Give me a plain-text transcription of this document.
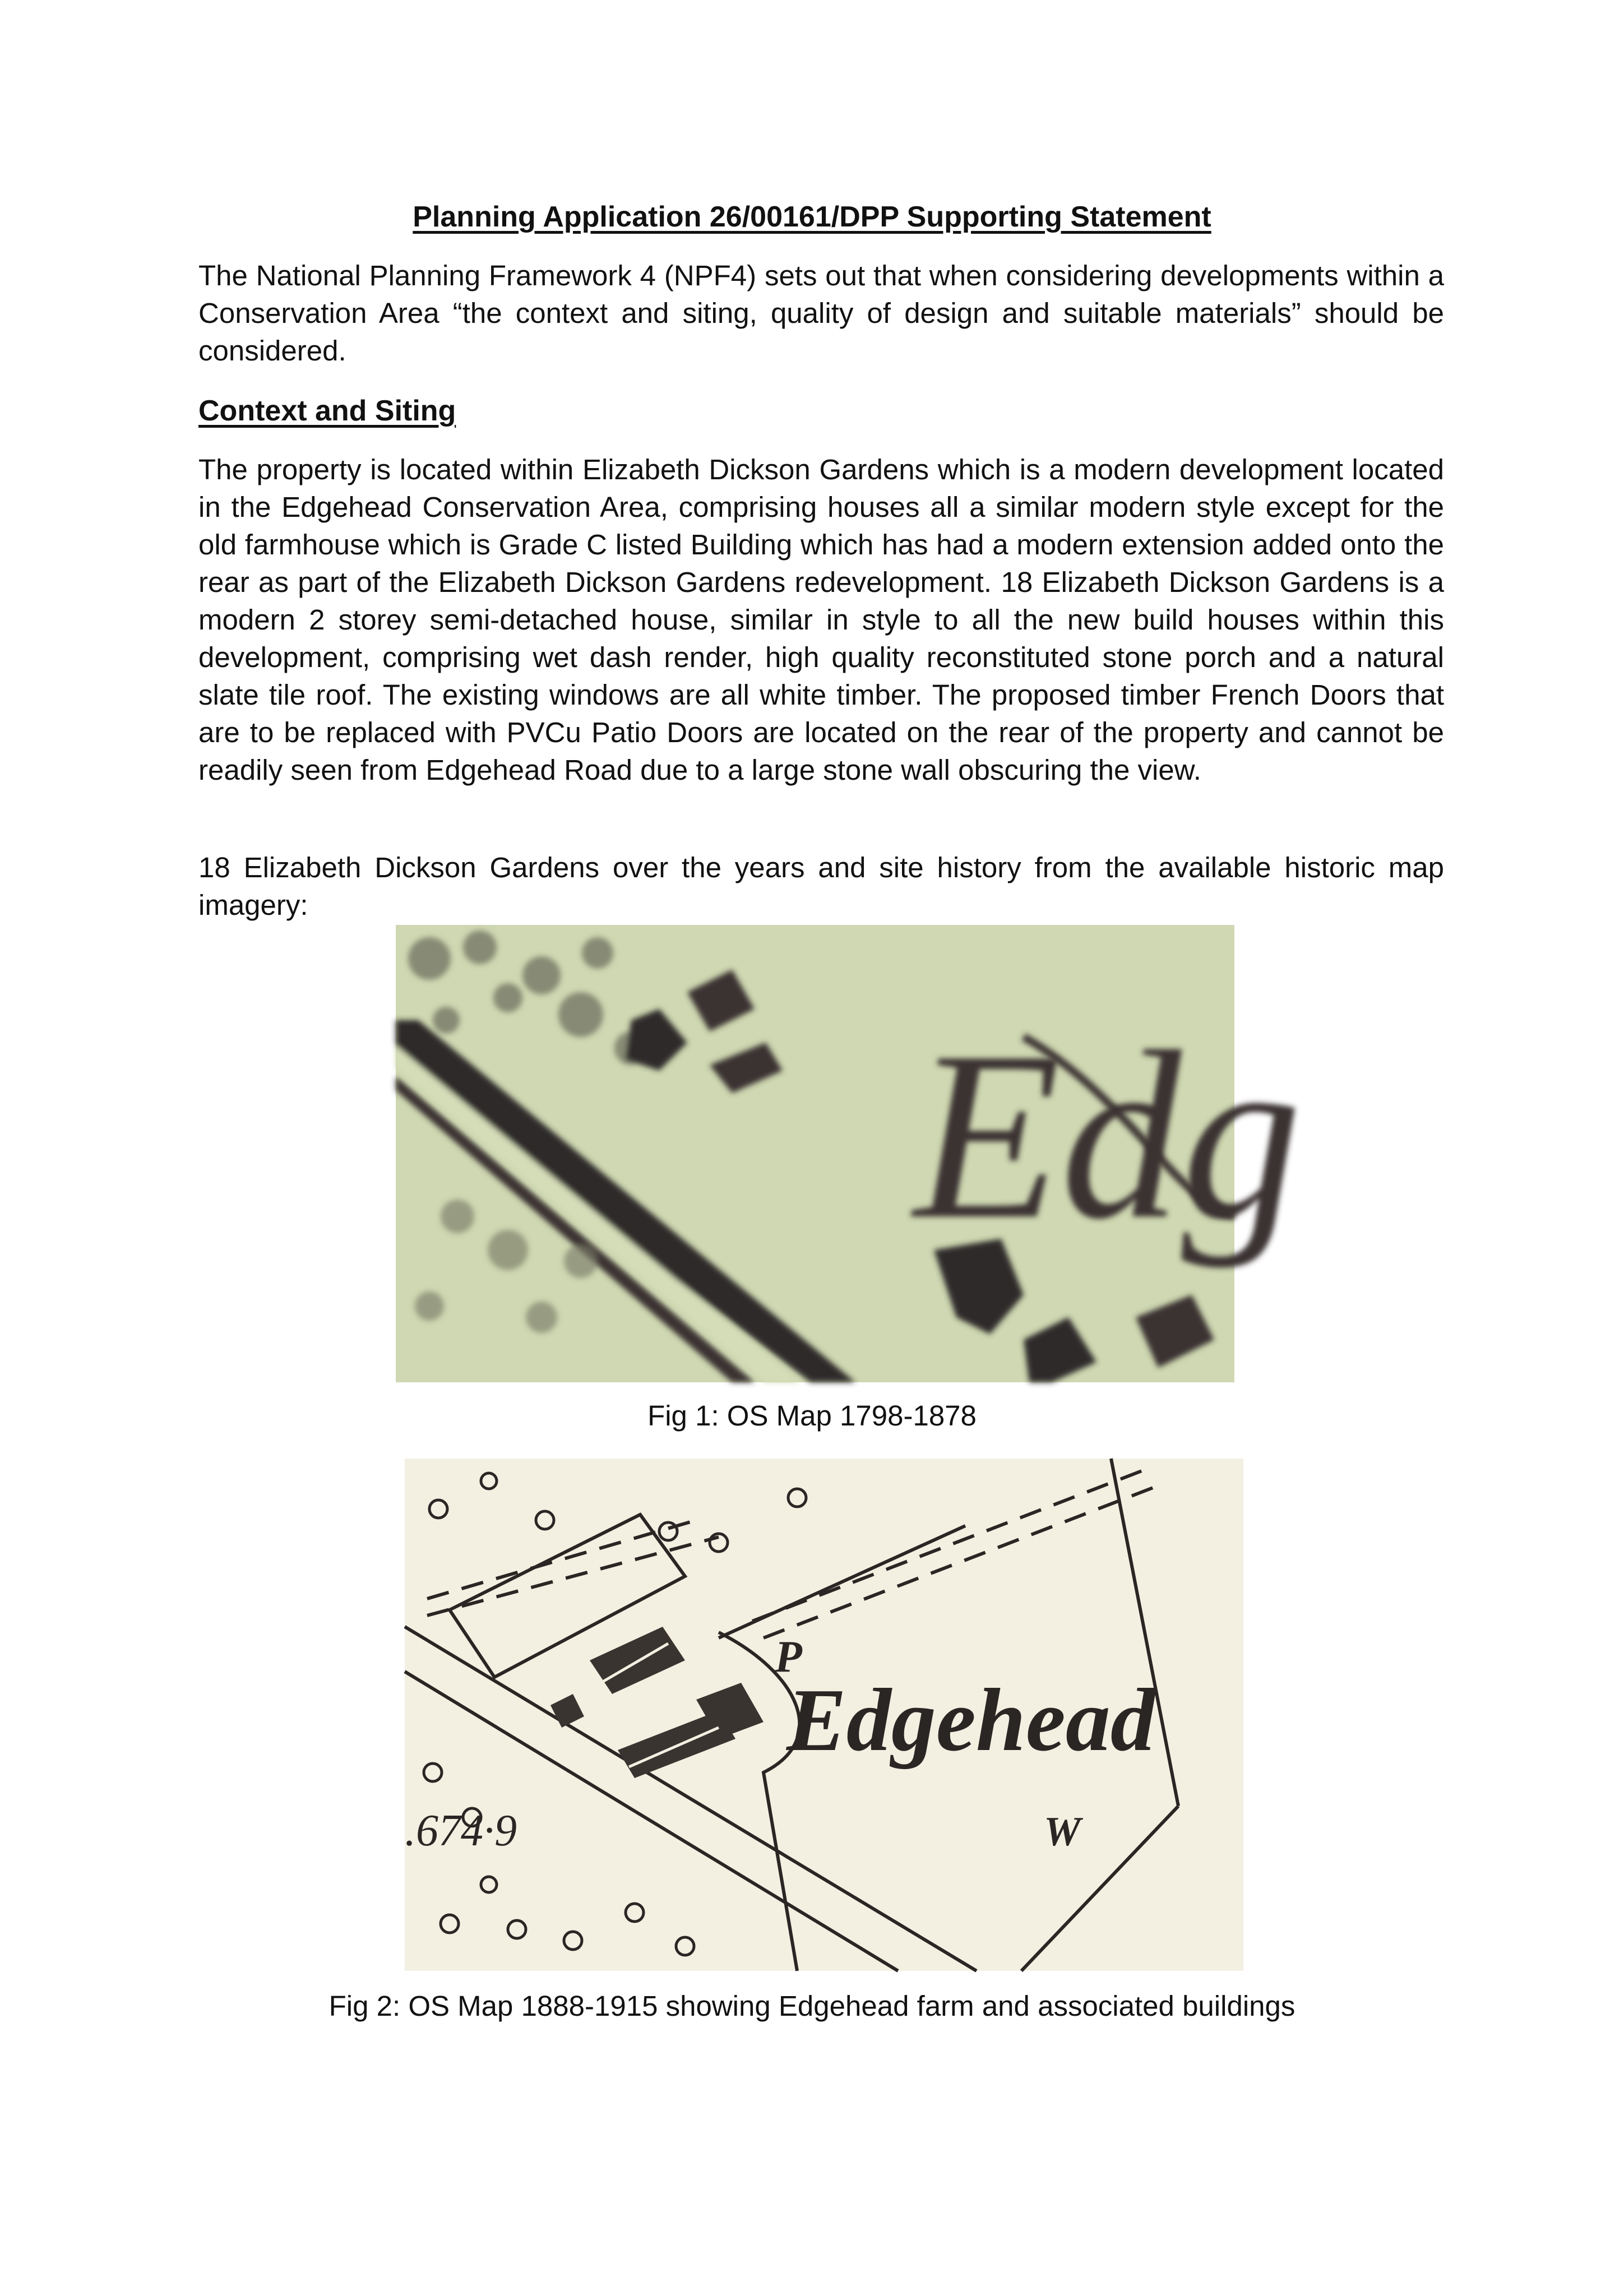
Planning Application 26/00161/DPP Supporting Statement
The National Planning Framework 4 (NPF4) sets out that when considering developments within a Conservation Area “the context and siting, quality of design and suitable materials” should be considered.
Context and Siting
The property is located within Elizabeth Dickson Gardens which is a modern development located in the Edgehead Conservation Area, comprising houses all a similar modern style except for the old farmhouse which is Grade C listed Building which has had a modern extension added onto the rear as part of the Elizabeth Dickson Gardens redevelopment. 18 Elizabeth Dickson Gardens is a modern 2 storey semi-detached house, similar in style to all the new build houses within this development, comprising wet dash render, high quality reconstituted stone porch and a natural slate tile roof. The existing windows are all white timber. The proposed timber French Doors that are to be replaced with PVCu Patio Doors are located on the rear of the property and cannot be readily seen from Edgehead Road due to a large stone wall obscuring the view.
18 Elizabeth Dickson Gardens over the years and site history from the available historic map imagery:
Edg
Fig 1: OS Map 1798-1878
Edgehead
P
W
.674·9
Fig 2: OS Map 1888-1915 showing Edgehead farm and associated buildings
